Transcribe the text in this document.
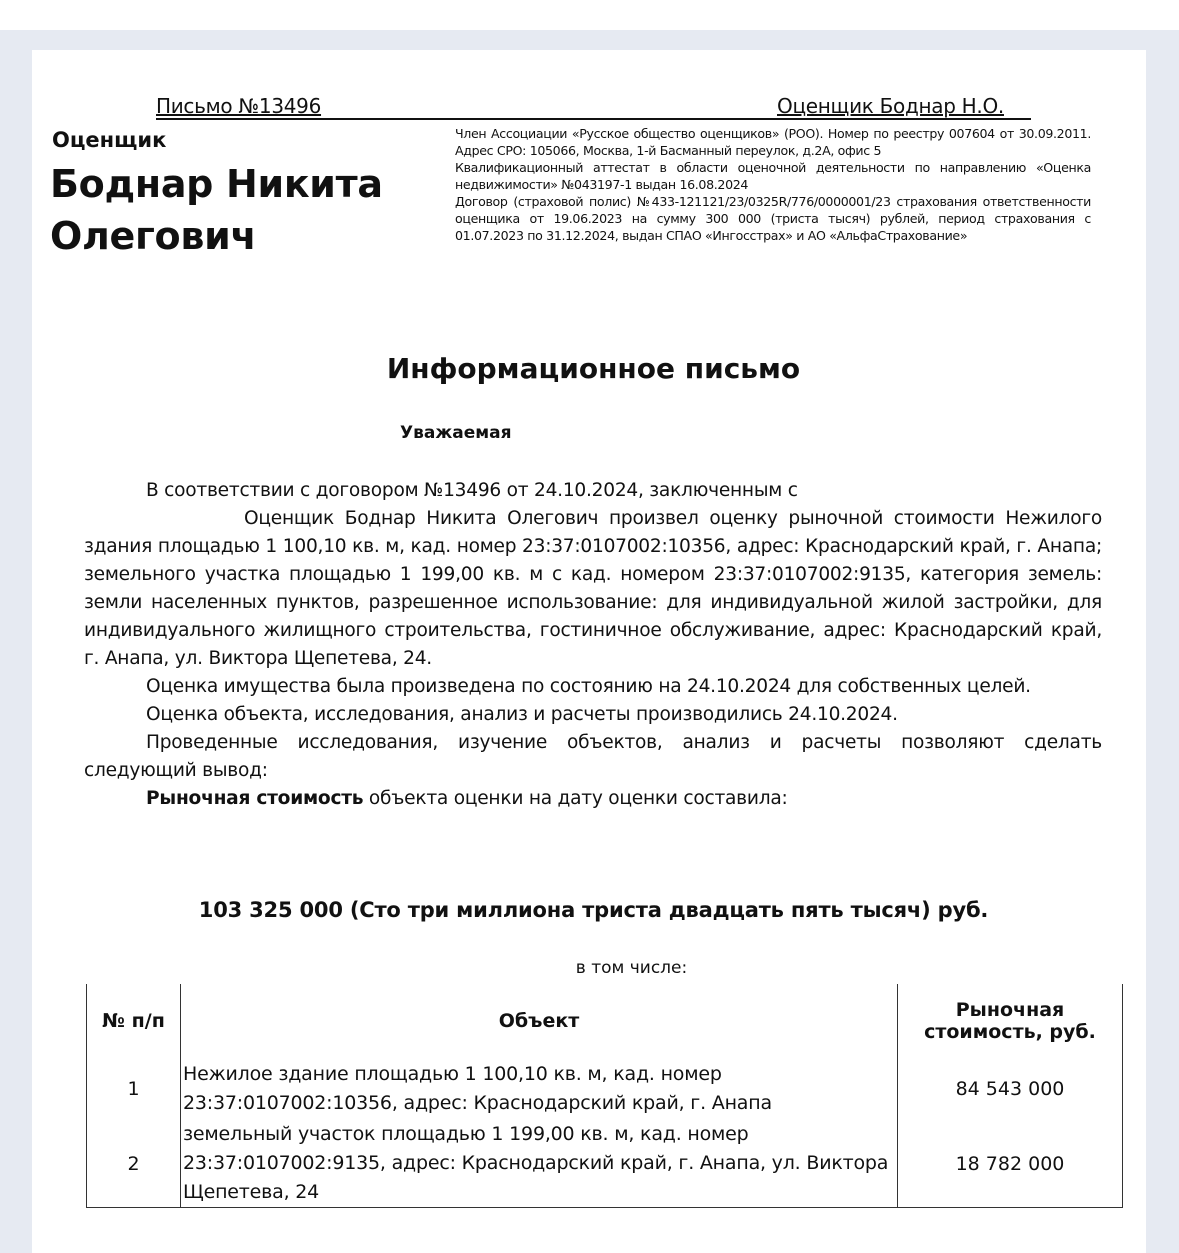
Письмо №13496	Оценщик Боднар Н.О.
Оценщик
Боднар Никита
Олегович

Член Ассоциации «Русское общество оценщиков» (РОО). Номер по реестру 007604 от 30.09.2011. Адрес СРО: 105066, Москва, 1-й Басманный переулок, д.2А, офис 5

Квалификационный аттестат в области оценочной деятельности по направлению «Оценка недвижимости» №043197-1 выдан 16.08.2024

Договор (страховой полис) №433-121121/23/0325R/776/0000001/23 страхования ответственности оценщика от 19.06.2023 на сумму 300 000 (триста тысяч) рублей, период страхования с 01.07.2023 по 31.12.2024, выдан СПАО «Ингосстрах» и АО «АльфаСтрахование»

Информационное письмо
Уважаемая

В соответствии с договором №13496 от 24.10.2024, заключенным с
Оценщик Боднар Никита Олегович произвел оценку рыночной стоимости Нежилого здания площадью 1 100,10 кв. м, кад. номер 23:37:0107002:10356, адрес: Краснодарский край, г. Анапа; земельного участка площадью 1 199,00 кв. м с кад. номером 23:37:0107002:9135, категория земель: земли населенных пунктов, разрешенное использование: для индивидуальной жилой застройки, для индивидуального жилищного строительства, гостиничное обслуживание, адрес: Краснодарский край, г. Анапа, ул. Виктора Щепетева, 24.

Оценка имущества была произведена по состоянию на 24.10.2024 для собственных целей.

Оценка объекта, исследования, анализ и расчеты производились 24.10.2024.

Проведенные исследования, изучение объектов, анализ и расчеты позволяют сделать следующий вывод:

Рыночная стоимость объекта оценки на дату оценки составила:

103 325 000 (Сто три миллиона триста двадцать пять тысяч) руб.
в том числе:
№ п/п	Объект	Рыночная стоимость, руб.
1	Нежилое здание площадью 1 100,10 кв. м, кад. номер 23:37:0107002:10356, адрес: Краснодарский край, г. Анапа	84 543 000
2	земельный участок площадью 1 199,00 кв. м, кад. номер 23:37:0107002:9135, адрес: Краснодарский край, г. Анапа, ул. Виктора Щепетева, 24	18 782 000
